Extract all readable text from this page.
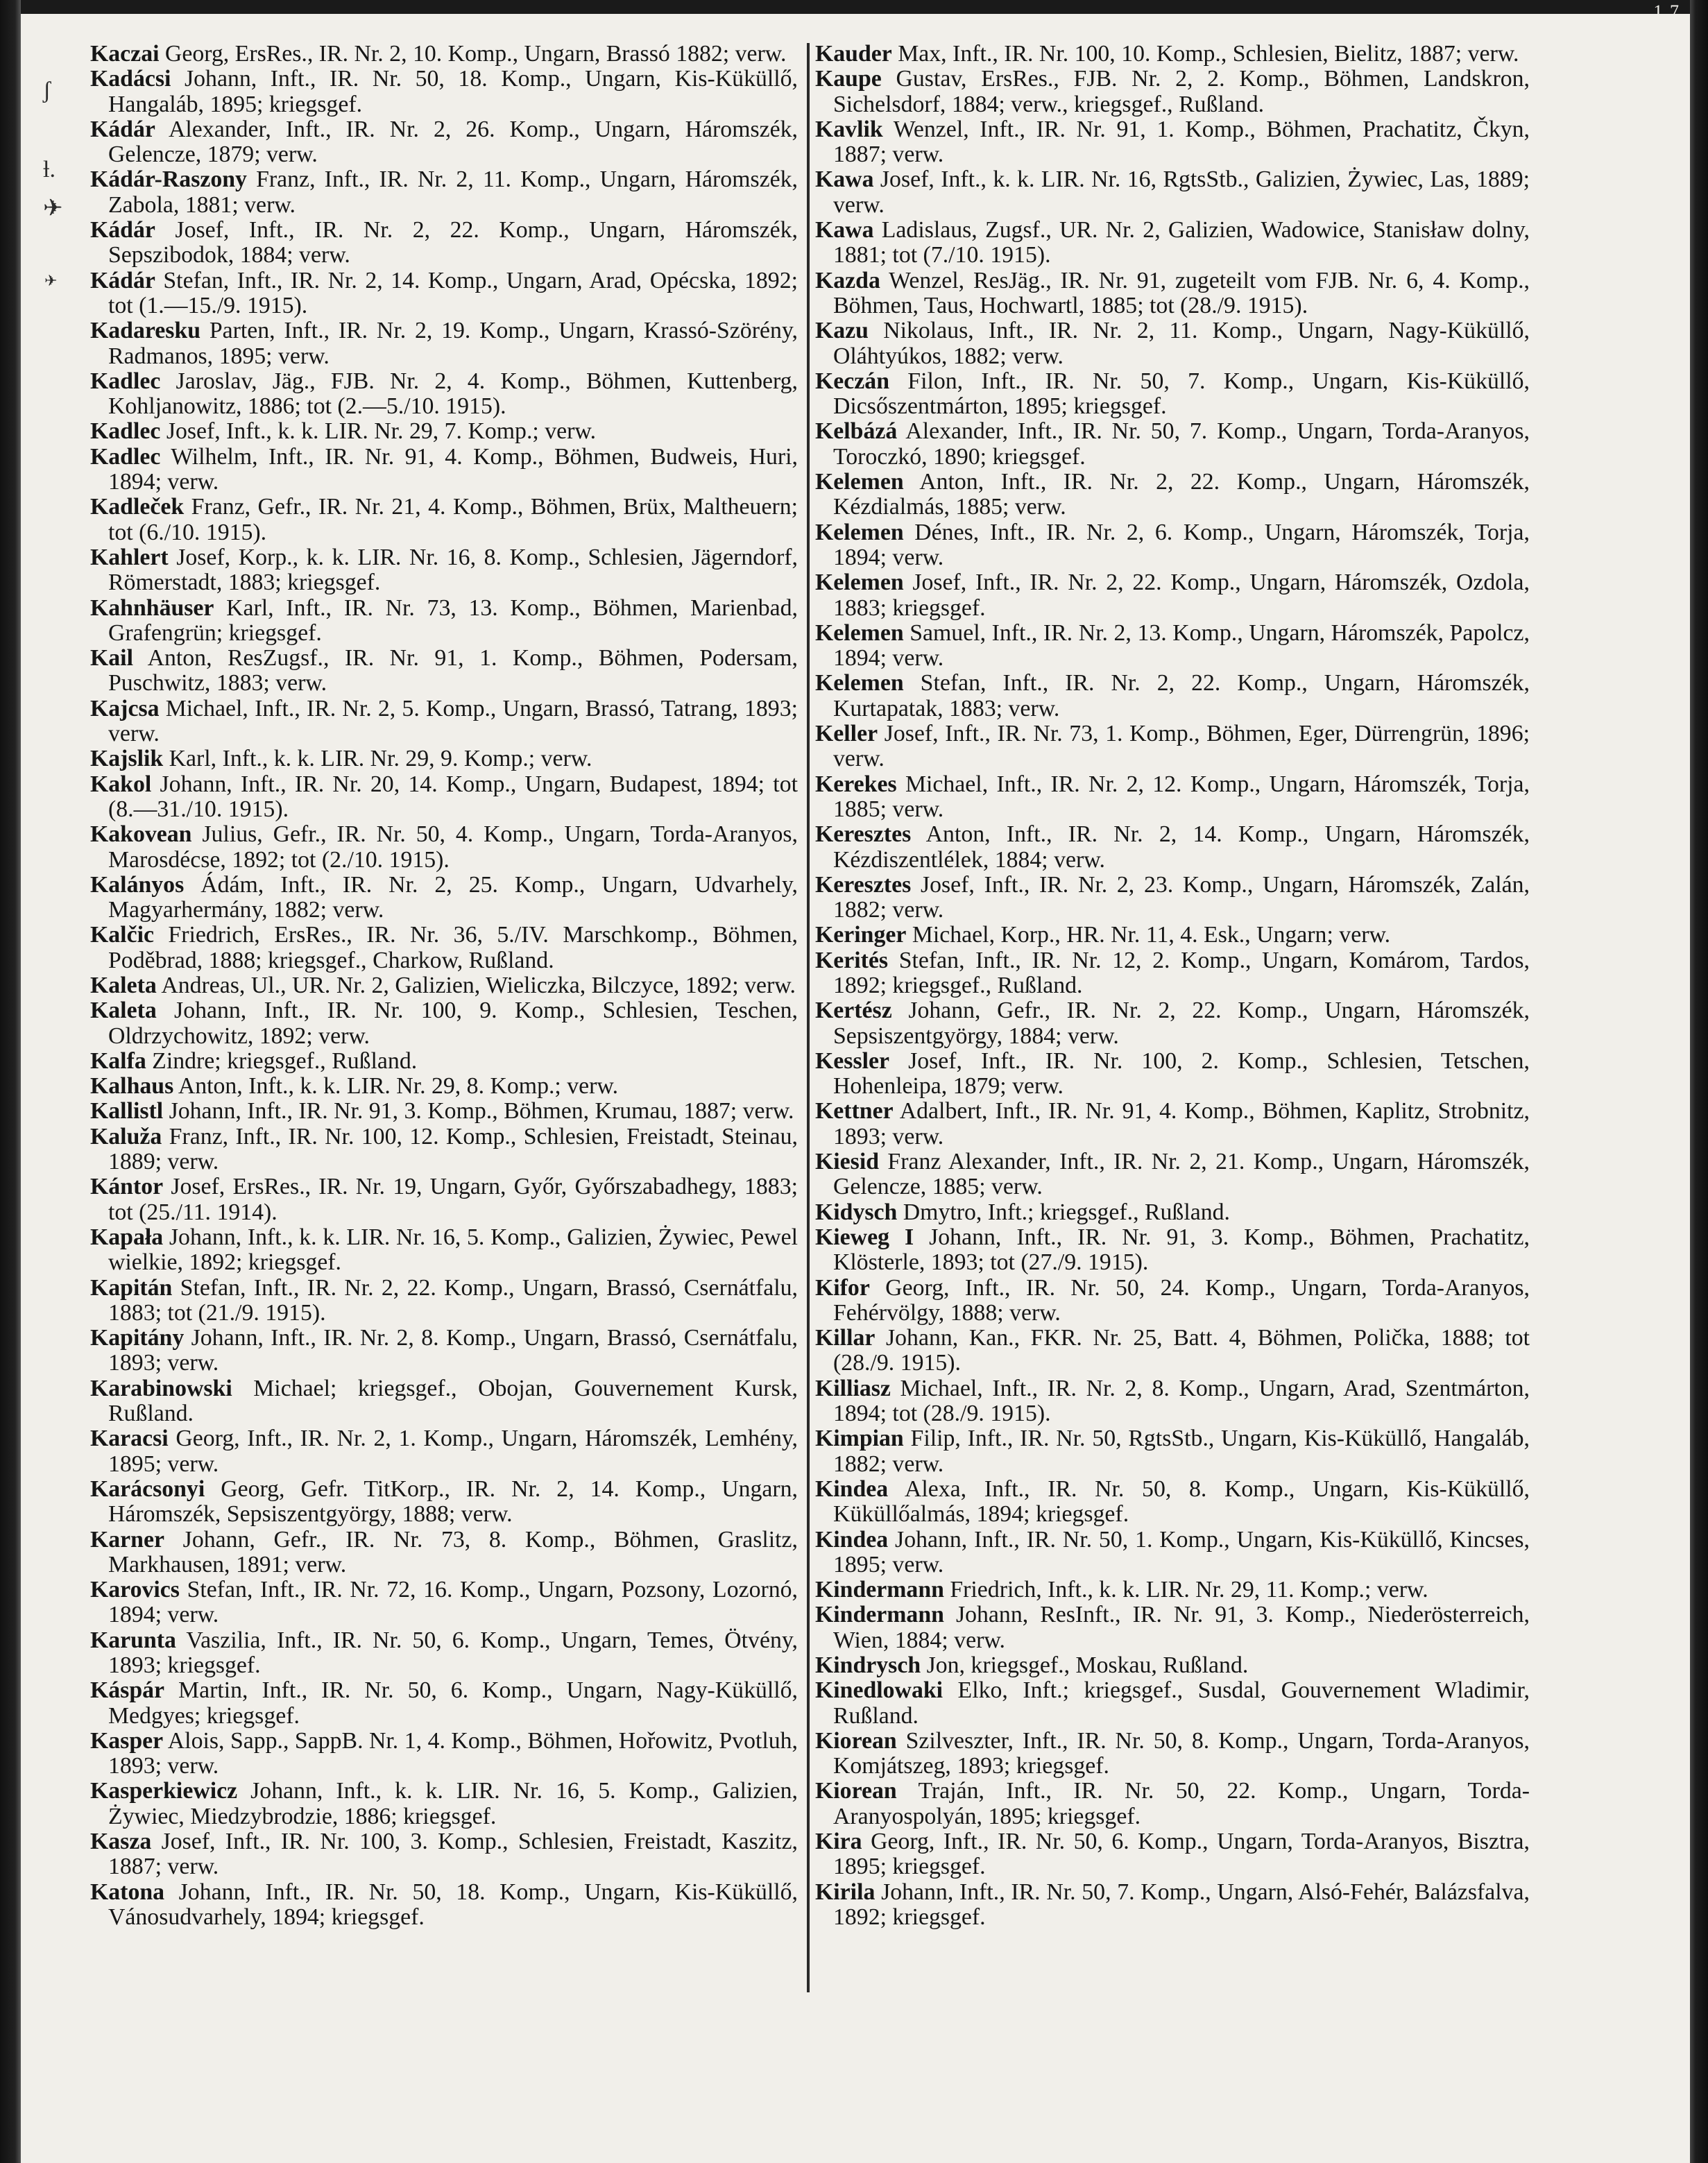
1 7
ʃ
ƚ.
✈
✈
Kaczai Georg, ErsRes., IR. Nr. 2, 10. Komp., Ungarn, Brassó 1882; verw.
Kadácsi Johann, Inft., IR. Nr. 50, 18. Komp., Ungarn, Kis-Küküllő, Hangaláb, 1895; kriegsgef.
Kádár Alexander, Inft., IR. Nr. 2, 26. Komp., Ungarn, Háromszék, Gelencze, 1879; verw.
Kádár-Raszony Franz, Inft., IR. Nr. 2, 11. Komp., Ungarn, Háromszék, Zabola, 1881; verw.
Kádár Josef, Inft., IR. Nr. 2, 22. Komp., Ungarn, Háromszék, Sepszibodok, 1884; verw.
Kádár Stefan, Inft., IR. Nr. 2, 14. Komp., Ungarn, Arad, Opécska, 1892; tot (1.—15./9. 1915).
Kadaresku Parten, Inft., IR. Nr. 2, 19. Komp., Ungarn, Krassó-Szörény, Radmanos, 1895; verw.
Kadlec Jaroslav, Jäg., FJB. Nr. 2, 4. Komp., Böhmen, Kuttenberg, Kohljanowitz, 1886; tot (2.—5./10. 1915).
Kadlec Josef, Inft., k. k. LIR. Nr. 29, 7. Komp.; verw.
Kadlec Wilhelm, Inft., IR. Nr. 91, 4. Komp., Böhmen, Budweis, Huri, 1894; verw.
Kadleček Franz, Gefr., IR. Nr. 21, 4. Komp., Böhmen, Brüx, Maltheuern; tot (6./10. 1915).
Kahlert Josef, Korp., k. k. LIR. Nr. 16, 8. Komp., Schlesien, Jägerndorf, Römerstadt, 1883; kriegsgef.
Kahnhäuser Karl, Inft., IR. Nr. 73, 13. Komp., Böhmen, Marienbad, Grafengrün; kriegsgef.
Kail Anton, ResZugsf., IR. Nr. 91, 1. Komp., Böhmen, Podersam, Puschwitz, 1883; verw.
Kajcsa Michael, Inft., IR. Nr. 2, 5. Komp., Ungarn, Brassó, Tatrang, 1893; verw.
Kajslik Karl, Inft., k. k. LIR. Nr. 29, 9. Komp.; verw.
Kakol Johann, Inft., IR. Nr. 20, 14. Komp., Ungarn, Budapest, 1894; tot (8.—31./10. 1915).
Kakovean Julius, Gefr., IR. Nr. 50, 4. Komp., Ungarn, Torda-Aranyos, Marosdécse, 1892; tot (2./10. 1915).
Kalányos Ádám, Inft., IR. Nr. 2, 25. Komp., Ungarn, Udvarhely, Magyarhermány, 1882; verw.
Kalčic Friedrich, ErsRes., IR. Nr. 36, 5./IV. Marschkomp., Böhmen, Poděbrad, 1888; kriegsgef., Charkow, Rußland.
Kaleta Andreas, Ul., UR. Nr. 2, Galizien, Wieliczka, Bilczyce, 1892; verw.
Kaleta Johann, Inft., IR. Nr. 100, 9. Komp., Schlesien, Teschen, Oldrzychowitz, 1892; verw.
Kalfa Zindre; kriegsgef., Rußland.
Kalhaus Anton, Inft., k. k. LIR. Nr. 29, 8. Komp.; verw.
Kallistl Johann, Inft., IR. Nr. 91, 3. Komp., Böhmen, Krumau, 1887; verw.
Kaluža Franz, Inft., IR. Nr. 100, 12. Komp., Schlesien, Freistadt, Steinau, 1889; verw.
Kántor Josef, ErsRes., IR. Nr. 19, Ungarn, Győr, Győrszabadhegy, 1883; tot (25./11. 1914).
Kapała Johann, Inft., k. k. LIR. Nr. 16, 5. Komp., Galizien, Żywiec, Pewel wielkie, 1892; kriegsgef.
Kapitán Stefan, Inft., IR. Nr. 2, 22. Komp., Ungarn, Brassó, Csernátfalu, 1883; tot (21./9. 1915).
Kapitány Johann, Inft., IR. Nr. 2, 8. Komp., Ungarn, Brassó, Csernátfalu, 1893; verw.
Karabinowski Michael; kriegsgef., Obojan, Gouvernement Kursk, Rußland.
Karacsi Georg, Inft., IR. Nr. 2, 1. Komp., Ungarn, Háromszék, Lemhény, 1895; verw.
Karácsonyi Georg, Gefr. TitKorp., IR. Nr. 2, 14. Komp., Ungarn, Háromszék, Sepsiszentgyörgy, 1888; verw.
Karner Johann, Gefr., IR. Nr. 73, 8. Komp., Böhmen, Graslitz, Markhausen, 1891; verw.
Karovics Stefan, Inft., IR. Nr. 72, 16. Komp., Ungarn, Pozsony, Lozornó, 1894; verw.
Karunta Vaszilia, Inft., IR. Nr. 50, 6. Komp., Ungarn, Temes, Ötvény, 1893; kriegsgef.
Káspár Martin, Inft., IR. Nr. 50, 6. Komp., Ungarn, Nagy-Küküllő, Medgyes; kriegsgef.
Kasper Alois, Sapp., SappB. Nr. 1, 4. Komp., Böhmen, Hořowitz, Pvotluh, 1893; verw.
Kasperkiewicz Johann, Inft., k. k. LIR. Nr. 16, 5. Komp., Galizien, Żywiec, Miedzybrodzie, 1886; kriegsgef.
Kasza Josef, Inft., IR. Nr. 100, 3. Komp., Schlesien, Freistadt, Kaszitz, 1887; verw.
Katona Johann, Inft., IR. Nr. 50, 18. Komp., Ungarn, Kis-Küküllő, Vánosudvarhely, 1894; kriegsgef.
Kauder Max, Inft., IR. Nr. 100, 10. Komp., Schlesien, Bielitz, 1887; verw.
Kaupe Gustav, ErsRes., FJB. Nr. 2, 2. Komp., Böhmen, Landskron, Sichelsdorf, 1884; verw., kriegsgef., Rußland.
Kavlik Wenzel, Inft., IR. Nr. 91, 1. Komp., Böhmen, Prachatitz, Čkyn, 1887; verw.
Kawa Josef, Inft., k. k. LIR. Nr. 16, RgtsStb., Galizien, Żywiec, Las, 1889; verw.
Kawa Ladislaus, Zugsf., UR. Nr. 2, Galizien, Wadowice, Stanisław dolny, 1881; tot (7./10. 1915).
Kazda Wenzel, ResJäg., IR. Nr. 91, zugeteilt vom FJB. Nr. 6, 4. Komp., Böhmen, Taus, Hochwartl, 1885; tot (28./9. 1915).
Kazu Nikolaus, Inft., IR. Nr. 2, 11. Komp., Ungarn, Nagy-Küküllő, Oláhtyúkos, 1882; verw.
Keczán Filon, Inft., IR. Nr. 50, 7. Komp., Ungarn, Kis-Küküllő, Dicsőszentmárton, 1895; kriegsgef.
Kelbázá Alexander, Inft., IR. Nr. 50, 7. Komp., Ungarn, Torda-Aranyos, Toroczkó, 1890; kriegsgef.
Kelemen Anton, Inft., IR. Nr. 2, 22. Komp., Ungarn, Háromszék, Kézdialmás, 1885; verw.
Kelemen Dénes, Inft., IR. Nr. 2, 6. Komp., Ungarn, Háromszék, Torja, 1894; verw.
Kelemen Josef, Inft., IR. Nr. 2, 22. Komp., Ungarn, Háromszék, Ozdola, 1883; kriegsgef.
Kelemen Samuel, Inft., IR. Nr. 2, 13. Komp., Ungarn, Háromszék, Papolcz, 1894; verw.
Kelemen Stefan, Inft., IR. Nr. 2, 22. Komp., Ungarn, Háromszék, Kurtapatak, 1883; verw.
Keller Josef, Inft., IR. Nr. 73, 1. Komp., Böhmen, Eger, Dürrengrün, 1896; verw.
Kerekes Michael, Inft., IR. Nr. 2, 12. Komp., Ungarn, Háromszék, Torja, 1885; verw.
Keresztes Anton, Inft., IR. Nr. 2, 14. Komp., Ungarn, Háromszék, Kézdiszentlélek, 1884; verw.
Keresztes Josef, Inft., IR. Nr. 2, 23. Komp., Ungarn, Háromszék, Zalán, 1882; verw.
Keringer Michael, Korp., HR. Nr. 11, 4. Esk., Ungarn; verw.
Kerités Stefan, Inft., IR. Nr. 12, 2. Komp., Ungarn, Komárom, Tardos, 1892; kriegsgef., Rußland.
Kertész Johann, Gefr., IR. Nr. 2, 22. Komp., Ungarn, Háromszék, Sepsiszentgyörgy, 1884; verw.
Kessler Josef, Inft., IR. Nr. 100, 2. Komp., Schlesien, Tetschen, Hohenleipa, 1879; verw.
Kettner Adalbert, Inft., IR. Nr. 91, 4. Komp., Böhmen, Kaplitz, Strobnitz, 1893; verw.
Kiesid Franz Alexander, Inft., IR. Nr. 2, 21. Komp., Ungarn, Háromszék, Gelencze, 1885; verw.
Kidysch Dmytro, Inft.; kriegsgef., Rußland.
Kieweg I Johann, Inft., IR. Nr. 91, 3. Komp., Böhmen, Prachatitz, Klösterle, 1893; tot (27./9. 1915).
Kifor Georg, Inft., IR. Nr. 50, 24. Komp., Ungarn, Torda-Aranyos, Fehérvölgy, 1888; verw.
Killar Johann, Kan., FKR. Nr. 25, Batt. 4, Böhmen, Polička, 1888; tot (28./9. 1915).
Killiasz Michael, Inft., IR. Nr. 2, 8. Komp., Ungarn, Arad, Szentmárton, 1894; tot (28./9. 1915).
Kimpian Filip, Inft., IR. Nr. 50, RgtsStb., Ungarn, Kis-Küküllő, Hangaláb, 1882; verw.
Kindea Alexa, Inft., IR. Nr. 50, 8. Komp., Ungarn, Kis-Küküllő, Küküllőalmás, 1894; kriegsgef.
Kindea Johann, Inft., IR. Nr. 50, 1. Komp., Ungarn, Kis-Küküllő, Kincses, 1895; verw.
Kindermann Friedrich, Inft., k. k. LIR. Nr. 29, 11. Komp.; verw.
Kindermann Johann, ResInft., IR. Nr. 91, 3. Komp., Niederösterreich, Wien, 1884; verw.
Kindrysch Jon, kriegsgef., Moskau, Rußland.
Kinedlowaki Elko, Inft.; kriegsgef., Susdal, Gouvernement Wladimir, Rußland.
Kiorean Szilveszter, Inft., IR. Nr. 50, 8. Komp., Ungarn, Torda-Aranyos, Komjátszeg, 1893; kriegsgef.
Kiorean Traján, Inft., IR. Nr. 50, 22. Komp., Ungarn, Torda-Aranyospolyán, 1895; kriegsgef.
Kira Georg, Inft., IR. Nr. 50, 6. Komp., Ungarn, Torda-Aranyos, Bisztra, 1895; kriegsgef.
Kirila Johann, Inft., IR. Nr. 50, 7. Komp., Ungarn, Alsó-Fehér, Balázsfalva, 1892; kriegsgef.
